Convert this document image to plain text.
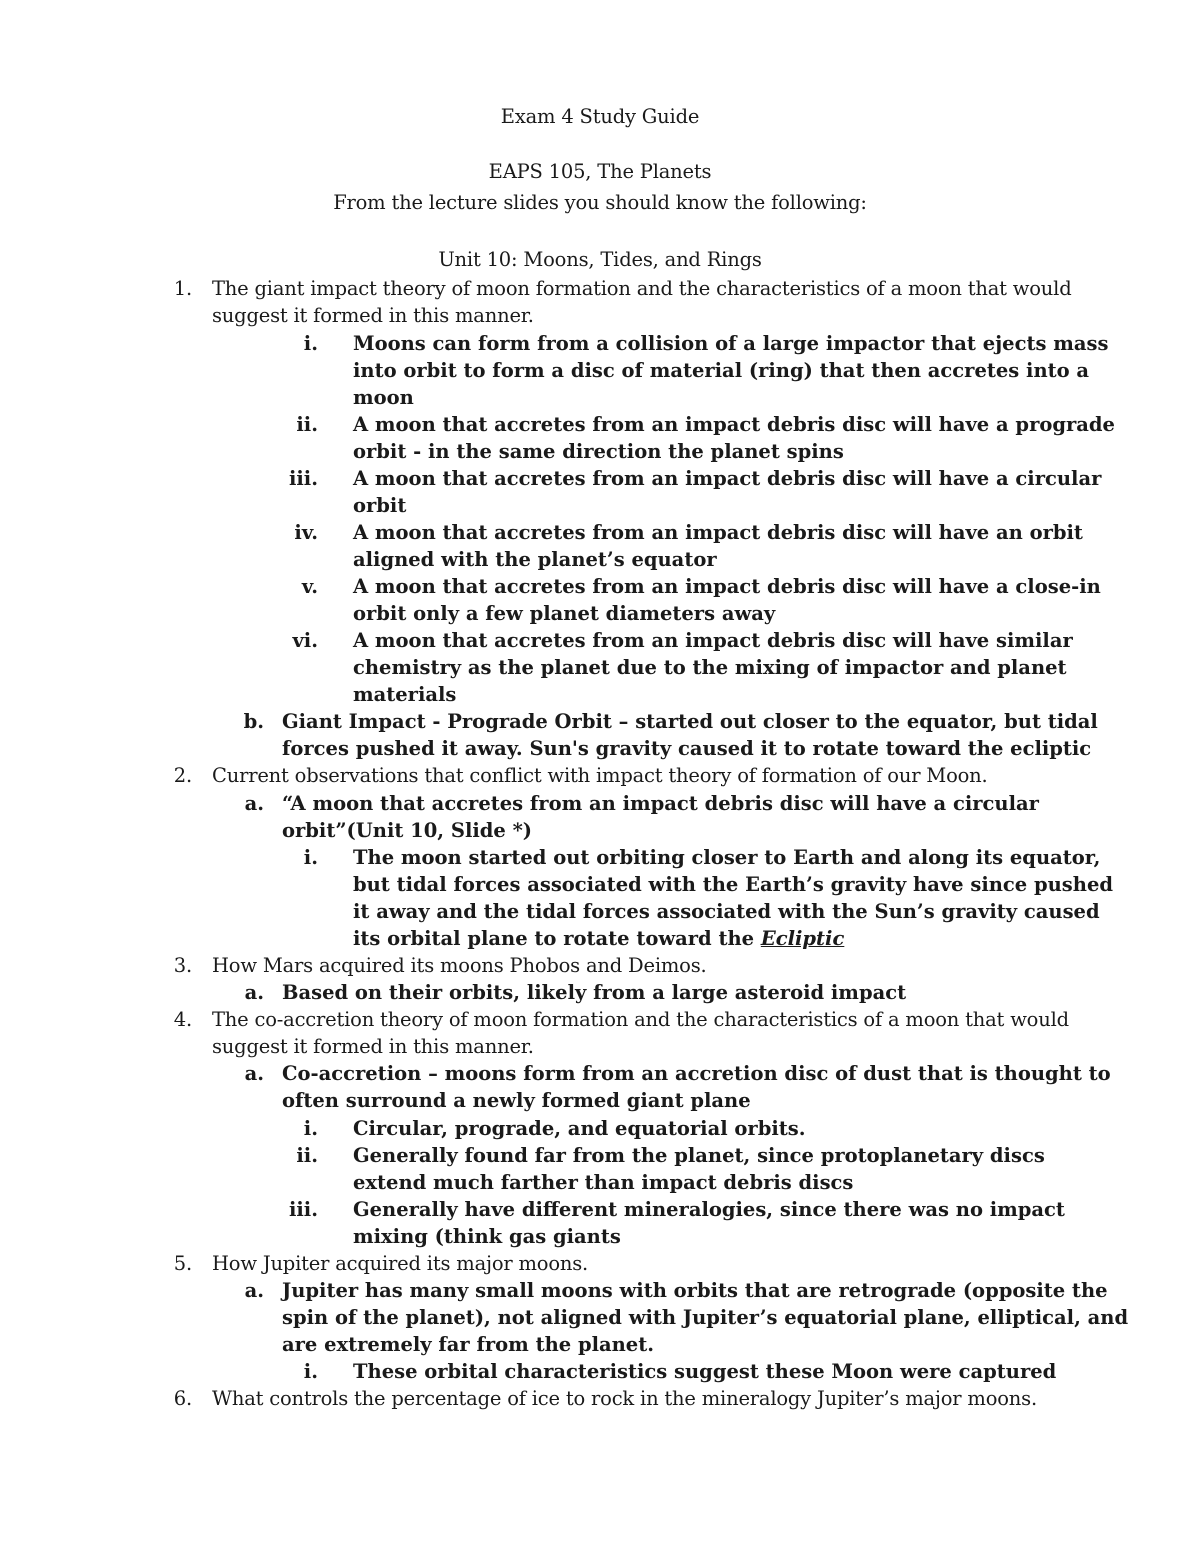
Exam 4 Study Guide
EAPS 105, The Planets
From the lecture slides you should know the following:
Unit 10: Moons, Tides, and Rings
1. The giant impact theory of moon formation and the characteristics of a moon that would
suggest it formed in this manner.
i. Moons can form from a collision of a large impactor that ejects mass
into orbit to form a disc of material (ring) that then accretes into a
moon
ii. A moon that accretes from an impact debris disc will have a prograde
orbit - in the same direction the planet spins
iii. A moon that accretes from an impact debris disc will have a circular
orbit
iv. A moon that accretes from an impact debris disc will have an orbit
aligned with the planet’s equator
v. A moon that accretes from an impact debris disc will have a close-in
orbit only a few planet diameters away
vi. A moon that accretes from an impact debris disc will have similar
chemistry as the planet due to the mixing of impactor and planet
materials
b. Giant Impact - Prograde Orbit – started out closer to the equator, but tidal
forces pushed it away. Sun's gravity caused it to rotate toward the ecliptic
2. Current observations that conflict with impact theory of formation of our Moon.
a. “A moon that accretes from an impact debris disc will have a circular
orbit”(Unit 10, Slide *)
i. The moon started out orbiting closer to Earth and along its equator,
but tidal forces associated with the Earth’s gravity have since pushed
it away and the tidal forces associated with the Sun’s gravity caused
its orbital plane to rotate toward the Ecliptic
3. How Mars acquired its moons Phobos and Deimos.
a. Based on their orbits, likely from a large asteroid impact
4. The co-accretion theory of moon formation and the characteristics of a moon that would
suggest it formed in this manner.
a. Co-accretion – moons form from an accretion disc of dust that is thought to
often surround a newly formed giant plane
i. Circular, prograde, and equatorial orbits.
ii. Generally found far from the planet, since protoplanetary discs
extend much farther than impact debris discs
iii. Generally have different mineralogies, since there was no impact
mixing (think gas giants
5. How Jupiter acquired its major moons.
a. Jupiter has many small moons with orbits that are retrograde (opposite the
spin of the planet), not aligned with Jupiter’s equatorial plane, elliptical, and
are extremely far from the planet.
i. These orbital characteristics suggest these Moon were captured
6. What controls the percentage of ice to rock in the mineralogy Jupiter’s major moons.
